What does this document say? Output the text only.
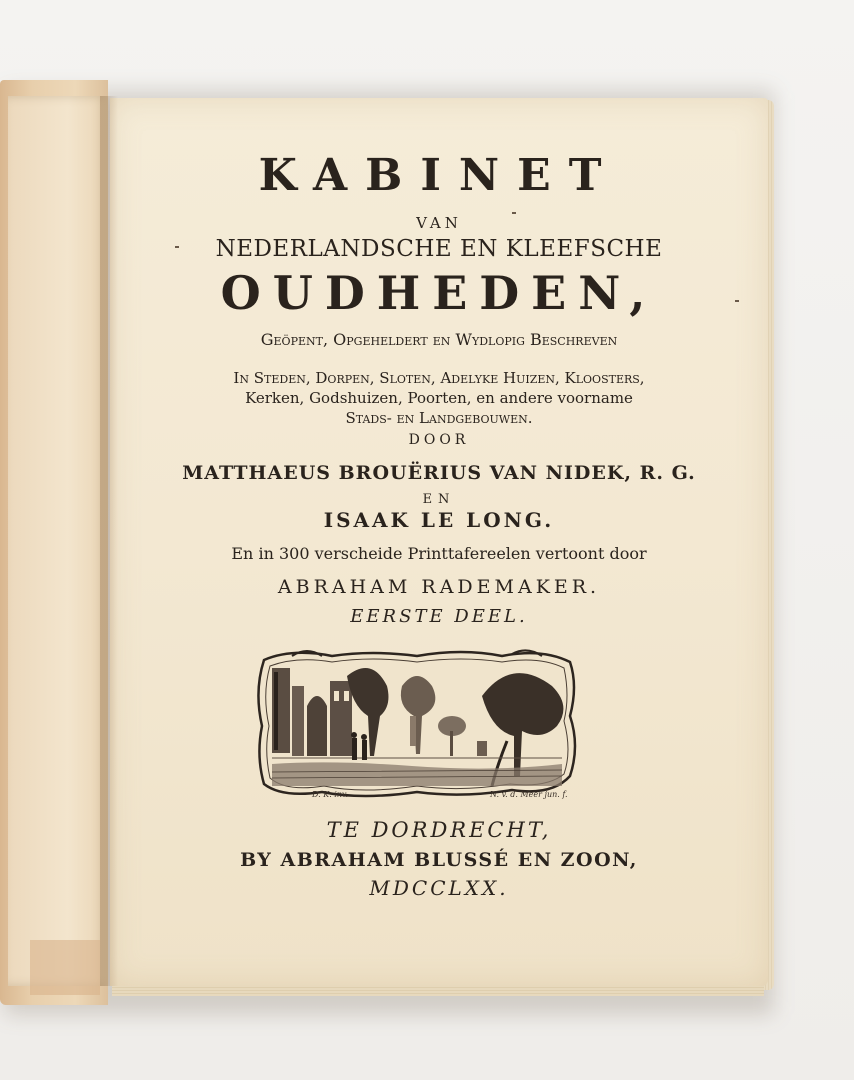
KABINET
VAN
NEDERLANDSCHE EN KLEEFSCHE
OUDHEDEN,
Geöpent, Opgeheldert en Wydlopig Beschreven
In Steden, Dorpen, Sloten, Adelyke Huizen, Kloosters,
Kerken, Godshuizen, Poorten, en andere voorname
Stads- en Landgebouwen.
DOOR
MATTHAEUS BROUËRIUS VAN NIDEK, R. G.
EN
ISAAK LE LONG.
En in 300 verscheide Printtafereelen vertoont door
ABRAHAM RADEMAKER.
EERSTE DEEL.
D. K. inv.	N. v. d. Meer jun. f.
TE DORDRECHT,
BY ABRAHAM BLUSSÉ EN ZOON,
MDCCLXX.
